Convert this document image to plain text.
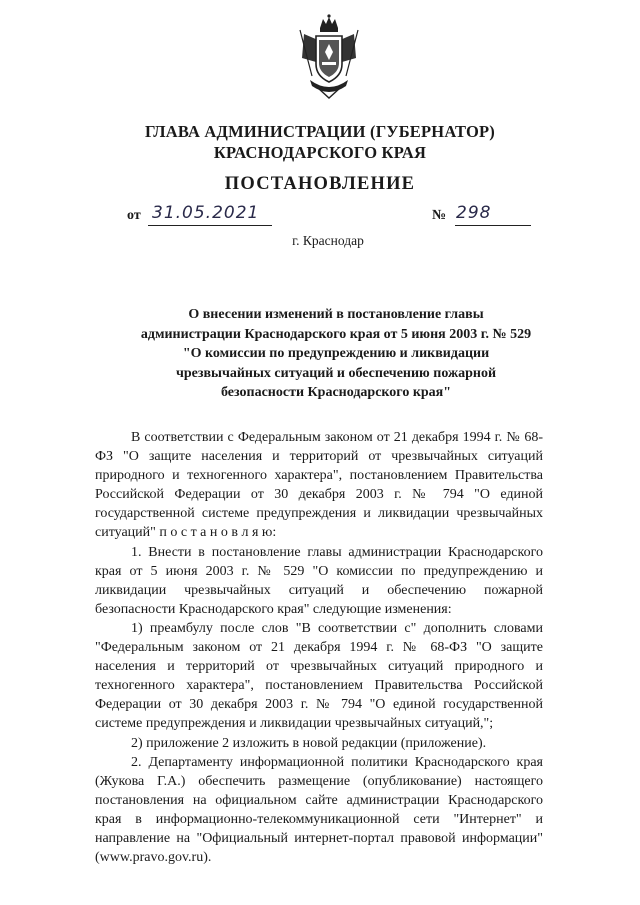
ГЛАВА АДМИНИСТРАЦИИ (ГУБЕРНАТОР)
КРАСНОДАРСКОГО КРАЯ
ПОСТАНОВЛЕНИЕ
от 31.05.2021	№ 298
г. Краснодар
О внесении изменений в постановление главы администрации Краснодарского края от 5 июня 2003 г. № 529 "О комиссии по предупреждению и ликвидации чрезвычайных ситуаций и обеспечению пожарной безопасности Краснодарского края"

В соответствии с Федеральным законом от 21 декабря 1994 г. № 68-ФЗ "О защите населения и территорий от чрезвычайных ситуаций природного и техногенного характера", постановлением Правительства Российской Федерации от 30 декабря 2003 г. № 794 "О единой государственной системе предупреждения и ликвидации чрезвычайных ситуаций" п о с т а н о в л я ю:

1. Внести в постановление главы администрации Краснодарского края от 5 июня 2003 г. № 529 "О комиссии по предупреждению и ликвидации чрезвычайных ситуаций и обеспечению пожарной безопасности Краснодарского края" следующие изменения:

1) преамбулу после слов "В соответствии с" дополнить словами "Федеральным законом от 21 декабря 1994 г. № 68-ФЗ "О защите населения и территорий от чрезвычайных ситуаций природного и техногенного характера", постановлением Правительства Российской Федерации от 30 декабря 2003 г. № 794 "О единой государственной системе предупреждения и ликвидации чрезвычайных ситуаций,";

2) приложение 2 изложить в новой редакции (приложение).

2. Департаменту информационной политики Краснодарского края (Жукова Г.А.) обеспечить размещение (опубликование) настоящего постановления на официальном сайте администрации Краснодарского края в информационно-телекоммуникационной сети "Интернет" и направление на "Официальный интернет-портал правовой информации" (www.pravo.gov.ru).
